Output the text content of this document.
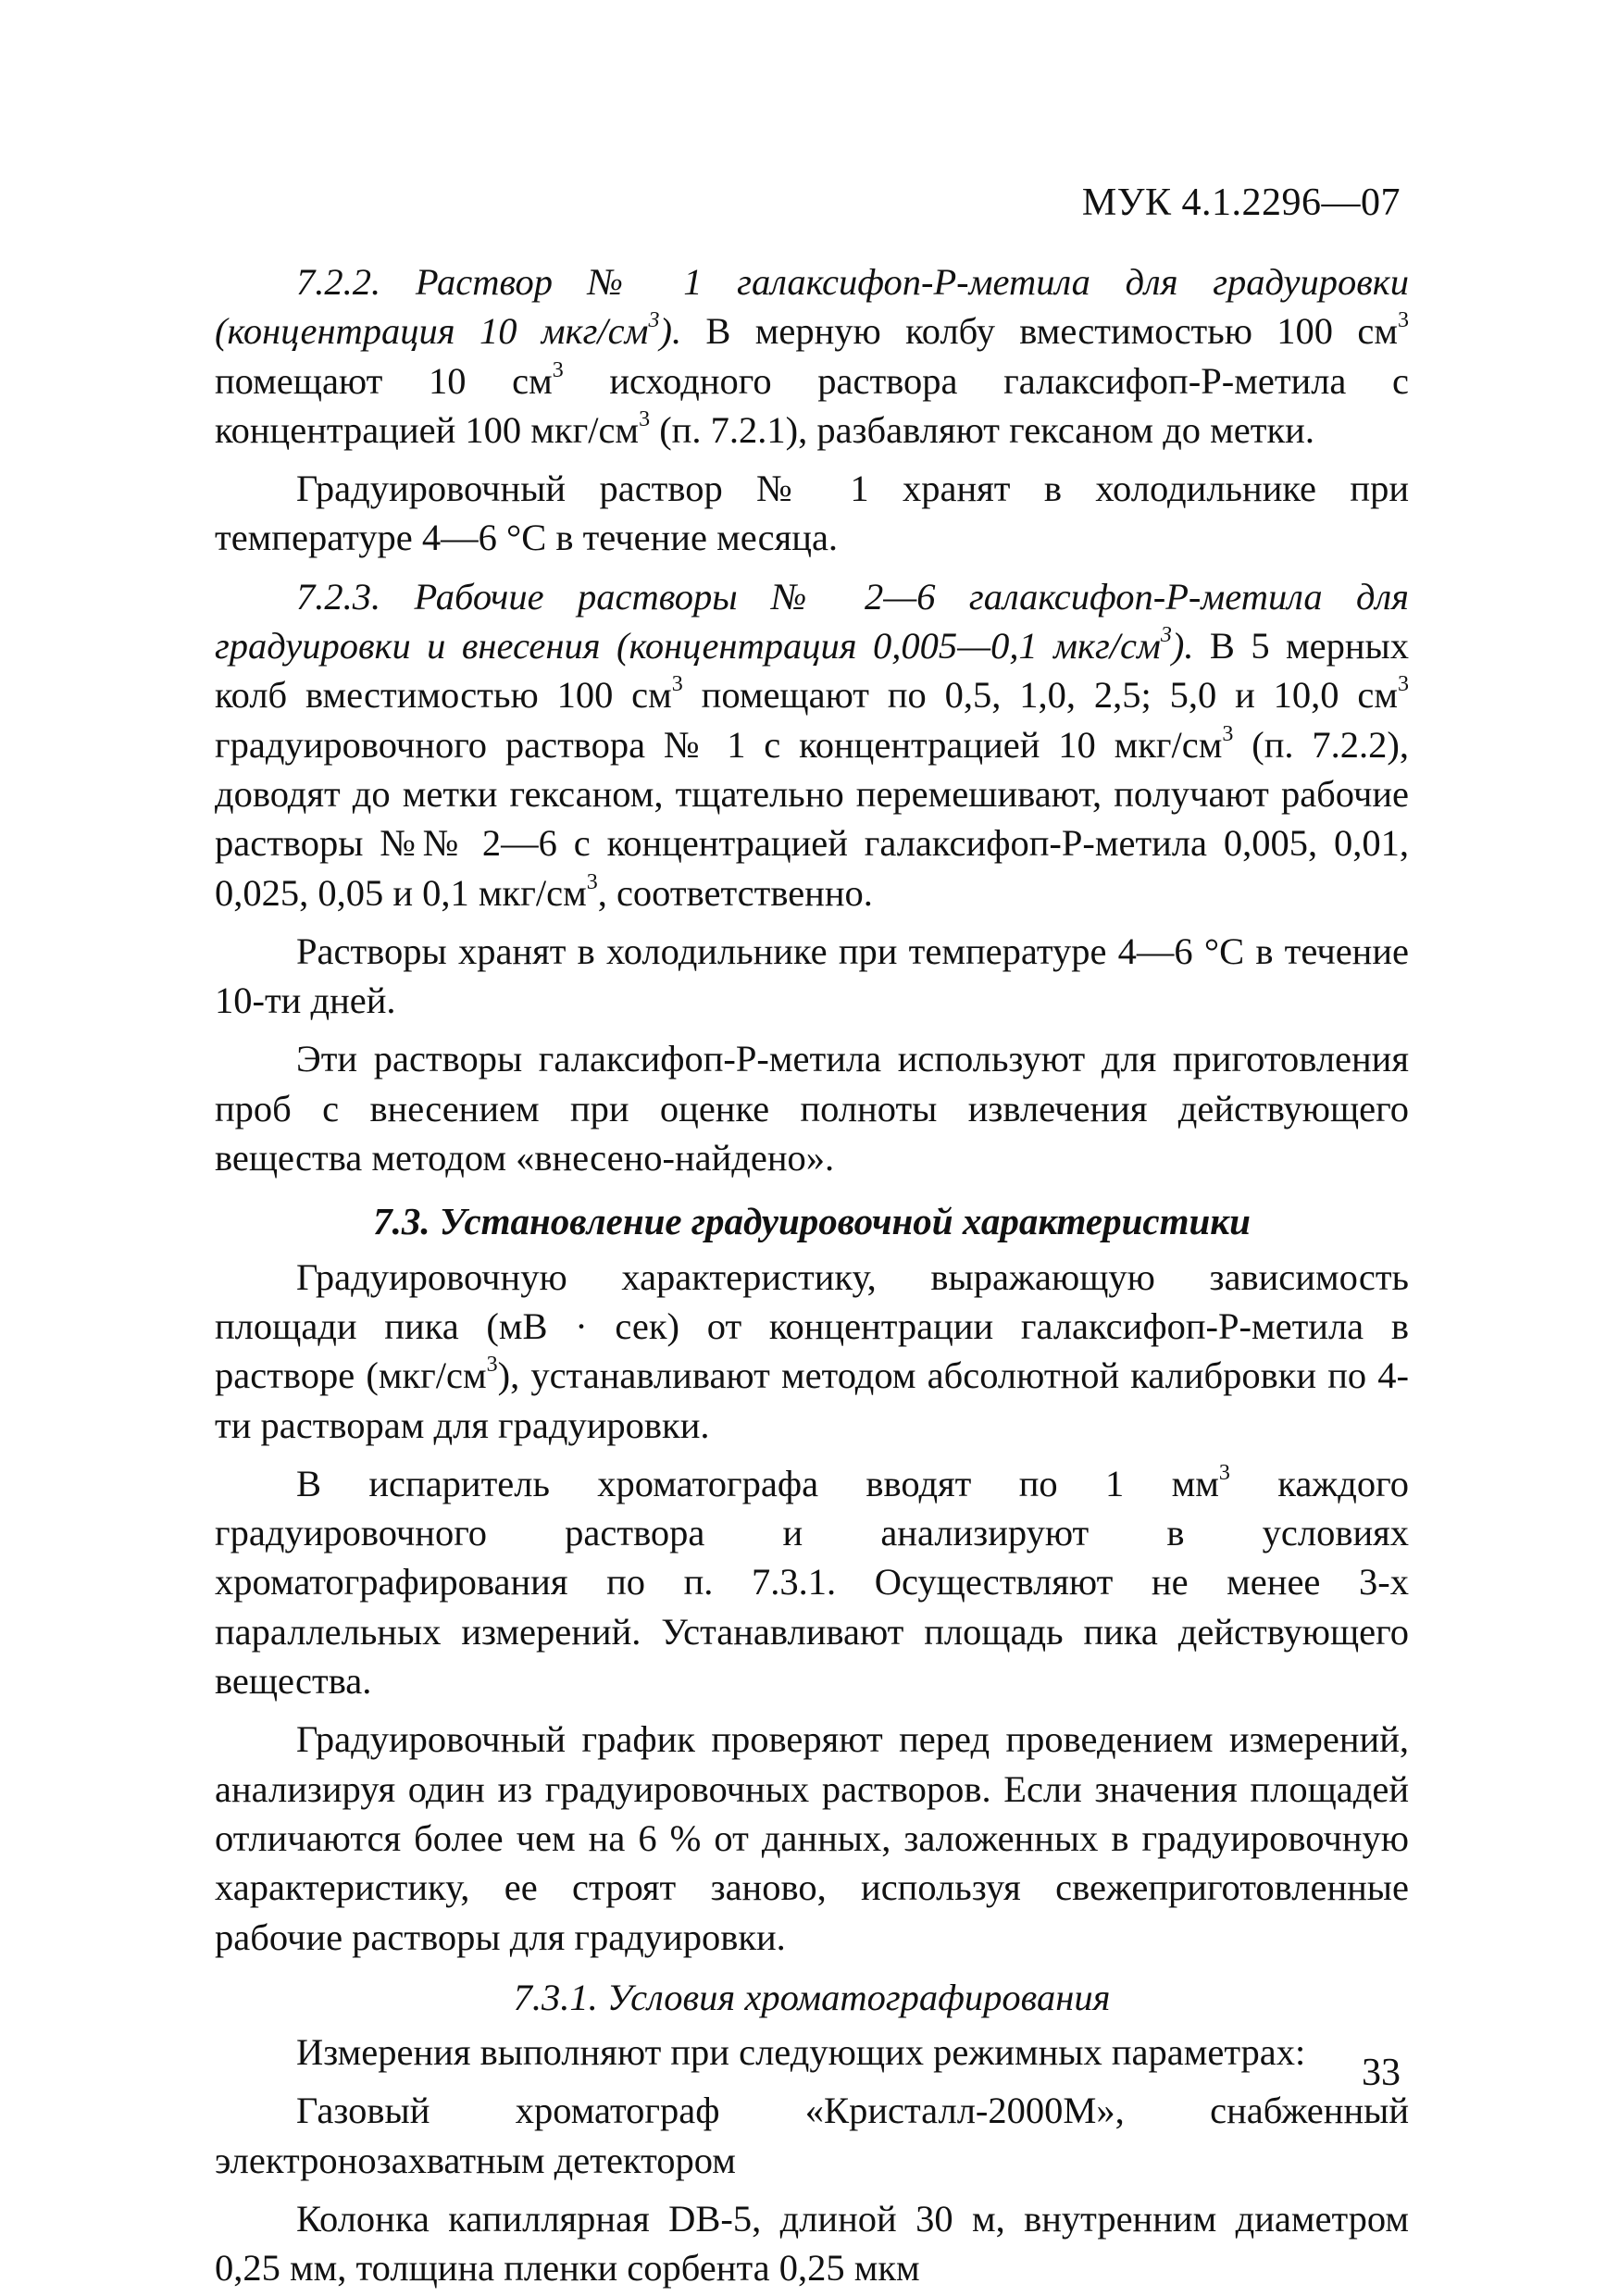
МУК 4.1.2296—07

7.2.2. Раствор № 1 галаксифоп-Р-метила для градуировки (концентрация 10 мкг/$см^3$). В мерную колбу вместимостью 100 $см^3$ помещают 10 $см^3$ исходного раствора галаксифоп-Р-метила с концентрацией 100 мкг/$см^3$ (п. 7.2.1), разбавляют гексаном до метки.

Градуировочный раствор № 1 хранят в холодильнике при температуре 4—6 °С в течение месяца.

7.2.3. Рабочие растворы № 2—6 галаксифоп-Р-метила для градуировки и внесения (концентрация 0,005—0,1 мкг/$см^3$). В 5 мерных колб вместимостью 100 $см^3$ помещают по 0,5, 1,0, 2,5; 5,0 и 10,0 $см^3$ градуировочного раствора № 1 с концентрацией 10 мкг/$см^3$ (п. 7.2.2), доводят до метки гексаном, тщательно перемешивают, получают рабочие растворы №№ 2—6 с концентрацией галаксифоп-Р-метила 0,005, 0,01, 0,025, 0,05 и 0,1 мкг/$см^3$, соответственно.

Растворы хранят в холодильнике при температуре 4—6 °С в течение 10-ти дней.

Эти растворы галаксифоп-Р-метила используют для приготовления проб с внесением при оценке полноты извлечения действующего вещества методом «внесено-найдено».

7.3. Установление градуировочной характеристики

Градуировочную характеристику, выражающую зависимость площади пика (мВ · сек) от концентрации галаксифоп-Р-метила в растворе $(мкг/см^3)$, устанавливают методом абсолютной калибровки по 4-ти растворам для градуировки.

В испаритель хроматографа вводят по 1 $мм^3$ каждого градуировочного раствора и анализируют в условиях хроматографирования по п. 7.3.1. Осуществляют не менее 3-х параллельных измерений. Устанавливают площадь пика действующего вещества.

Градуировочный график проверяют перед проведением измерений, анализируя один из градуировочных растворов. Если значения площадей отличаются более чем на 6 % от данных, заложенных в градуировочную характеристику, ее строят заново, используя свежеприготовленные рабочие растворы для градуировки.

7.3.1. Условия хроматографирования

Измерения выполняют при следующих режимных параметрах:

Газовый хроматограф «Кристалл-2000М», снабженный электронозахватным детектором

Колонка капиллярная DB-5, длиной 30 м, внутренним диаметром 0,25 мм, толщина пленки сорбента 0,25 мкм

33
